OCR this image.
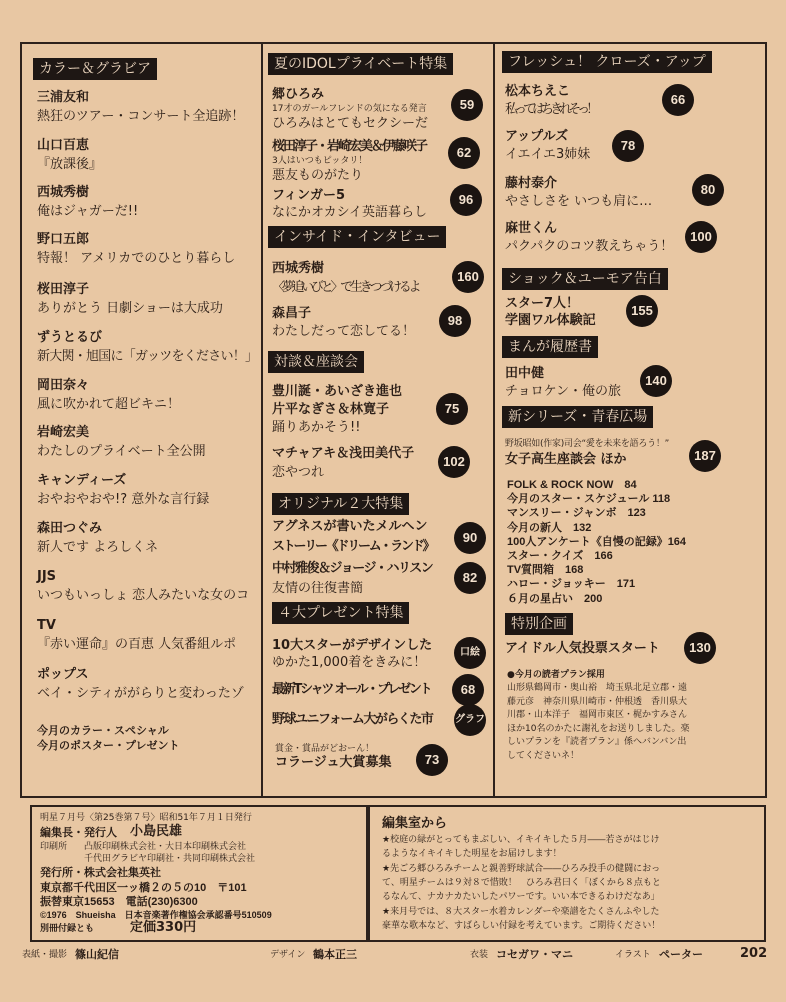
カラー＆グラビア
三浦友和
熱狂のツアー・コンサート全追跡！
山口百恵
『放課後』
西城秀樹
俺はジャガーだ!!
野口五郎
特報！ アメリカでのひとり暮らし
桜田淳子
ありがとう 日劇ショーは大成功
ずうとるび
新大関・旭国に「ガッツをください！」
岡田奈々
風に吹かれて超ビキニ！
岩崎宏美
わたしのプライベート全公開
キャンディーズ
おやおやおや!? 意外な言行録
森田つぐみ
新人です よろしくネ
JJS
いつもいっしょ 恋人みたいな女のコ
TV
『赤い運命』の百恵 人気番組ルポ
ポップス
ベイ・シティががらりと変わったゾ
今月のカラー・スペシャル
今月のポスター・プレゼント
夏のIDOLプライベート特集
郷ひろみ
17才のガールフレンドの気になる発言
ひろみはとてもセクシーだ
59
桜田淳子・岩崎宏美＆伊藤咲子
3人はいつもピッタリ！
悪友ものがたり
62
フィンガー5
なにかオカシイ英語暮らし
96
インサイド・インタビュー
西城秀樹
〈夢追いびと〉で生きつづけるよ
160
森昌子
わたしだって恋してる！
98
対談＆座談会
豊川誕・あいざき進也
片平なぎさ＆林寛子
踊りあかそう!!
75
マチャアキ＆浅田美代子
恋やつれ
102
オリジナル２大特集
アグネスが書いたメルヘン
ストーリー《ドリーム・ランド》
90
中村雅俊＆ジョージ・ハリスン
友情の往復書簡
82
４大プレゼント特集
10大スターがデザインした
ゆかた1,000着をきみに！
口絵
最新Tシャツ オール・プレゼント	68
野球ユニフォーム大がらくた市 グラフ
賞金・賞品がどおーん！
コラージュ大賞募集	73
フレッシュ！ クローズ・アップ
松本ちえこ
私って はちきれそっ！
66
アップルズ
イエイエ3姉妹
78
藤村泰介
やさしさを いつも肩に…
80
麻世くん
パクパクのコツ教えちゃう！
100
ショック＆ユーモア告白
スター7人！
学園ワル体験記
155
まんが履歴書
田中健
チョロケン・俺の旅
140
新シリーズ・青春広場
野坂昭如(作家)司会“愛を未来を語ろう！”
女子高生座談会 ほか	187
FOLK & ROCK NOW　84
今月のスター・スケジュール 118
マンスリー・ジャンボ　123
今月の新人　132
100人アンケート《自慢の記録》164
スター・クイズ　166
TV質問箱　168
ハロー・ジョッキー　171
６月の星占い　200
特別企画
アイドル人気投票スタート	130
●今月の読者プラン採用
山形県鶴岡市・奥山裕　埼玉県北足立郡・遠
藤元彦　神奈川県川崎市・仲根透　香川県大
川郡・山本洋子　福岡市東区・梶かすみさん
ほか10名のかたに謝礼をお送りしました。楽
しいプランを『読者プラン』係へバンバン出
してくださいネ！
明星７月号〈第25巻第７号〉昭和51年７月１日発行
編集長・発行人 小島民雄
印刷所 凸版印刷株式会社・大日本印刷株式会社
千代田グラビヤ印刷社・共同印刷株式会社
発行所・株式会社集英社
東京都千代田区一ッ橋２の５の10　〒101
振替東京15653　電話(230)6300
©1976　Shueisha　日本音楽著作権協会承認番号510509
別冊付録とも	定価330円
編集室から
★校庭の緑がとってもまぶしい、イキイキした５月――若さがはじけ
るようなイキイキした明星をお届けします！
★先ごろ郷ひろみチームと親善野球試合――ひろみ投手の健闘におっ
て、明星チームは９対８で惜敗！　ひろみ君曰く「ぼくから８点もと
るなんて、ナカナカたいしたパワーです。いい本できるわけだなあ」
★来月号では、８大スター水着カレンダーや楽譜をたくさんふやした
豪華な歌本など、すばらしい付録を考えています。ご期待ください！
表紙・撮影 篠山紀信	デザイン 鶴本正三	衣装 コセガワ・マニ	イラスト ペーター	202
